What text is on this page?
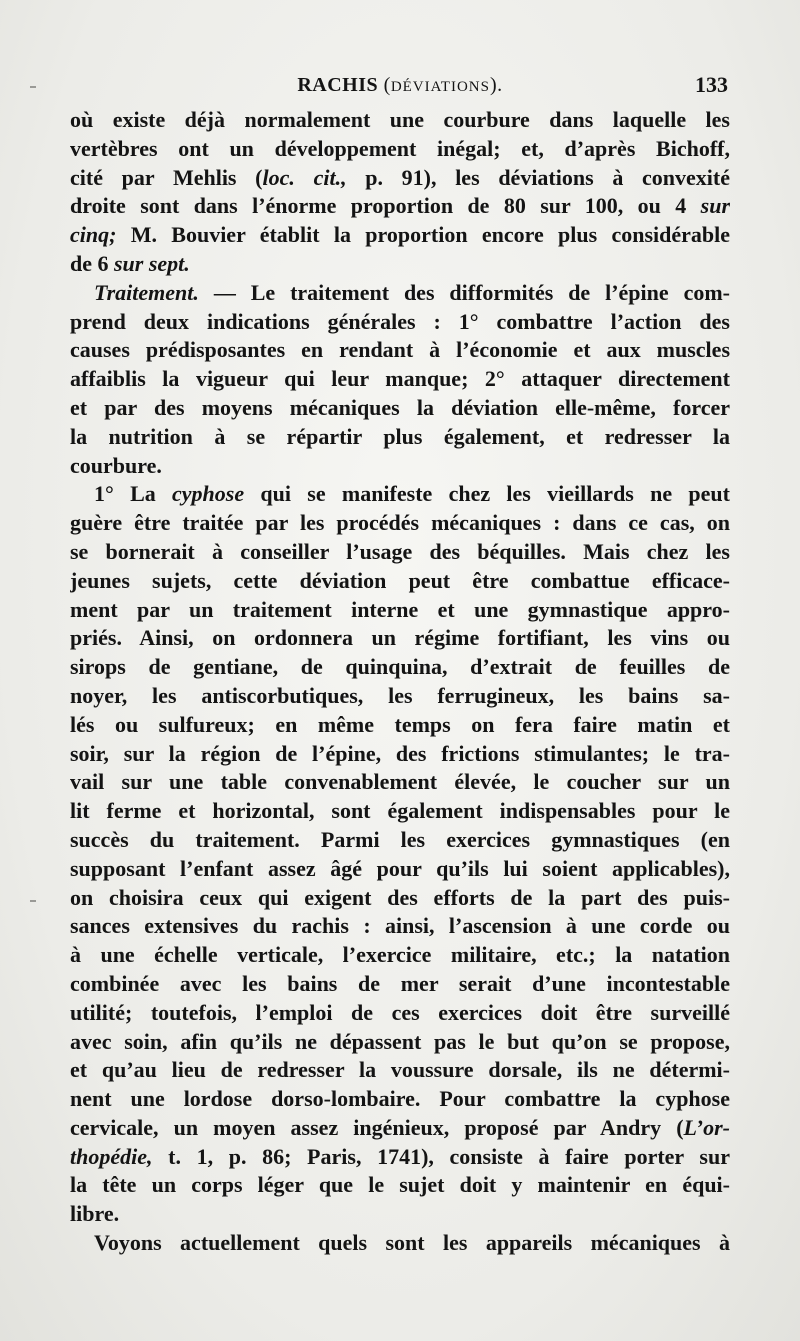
RACHIS (DÉVIATIONS).	133
où existe déjà normalement une courbure dans laquelle les
vertèbres ont un développement inégal; et, d’après Bichoff,
cité par Mehlis (loc. cit., p. 91), les déviations à convexité
droite sont dans l’énorme proportion de 80 sur 100, ou 4 sur
cinq; M. Bouvier établit la proportion encore plus considérable
de 6 sur sept.
Traitement. — Le traitement des difformités de l’épine com-
prend deux indications générales : 1° combattre l’action des
causes prédisposantes en rendant à l’économie et aux muscles
affaiblis la vigueur qui leur manque; 2° attaquer directement
et par des moyens mécaniques la déviation elle-même, forcer
la nutrition à se répartir plus également, et redresser la
courbure.
1° La cyphose qui se manifeste chez les vieillards ne peut
guère être traitée par les procédés mécaniques : dans ce cas, on
se bornerait à conseiller l’usage des béquilles. Mais chez les
jeunes sujets, cette déviation peut être combattue efficace-
ment par un traitement interne et une gymnastique appro-
priés. Ainsi, on ordonnera un régime fortifiant, les vins ou
sirops de gentiane, de quinquina, d’extrait de feuilles de
noyer, les antiscorbutiques, les ferrugineux, les bains sa-
lés ou sulfureux; en même temps on fera faire matin et
soir, sur la région de l’épine, des frictions stimulantes; le tra-
vail sur une table convenablement élevée, le coucher sur un
lit ferme et horizontal, sont également indispensables pour le
succès du traitement. Parmi les exercices gymnastiques (en
supposant l’enfant assez âgé pour qu’ils lui soient applicables),
on choisira ceux qui exigent des efforts de la part des puis-
sances extensives du rachis : ainsi, l’ascension à une corde ou
à une échelle verticale, l’exercice militaire, etc.; la natation
combinée avec les bains de mer serait d’une incontestable
utilité; toutefois, l’emploi de ces exercices doit être surveillé
avec soin, afin qu’ils ne dépassent pas le but qu’on se propose,
et qu’au lieu de redresser la voussure dorsale, ils ne détermi-
nent une lordose dorso-lombaire. Pour combattre la cyphose
cervicale, un moyen assez ingénieux, proposé par Andry (L’or-
thopédie, t. 1, p. 86; Paris, 1741), consiste à faire porter sur
la tête un corps léger que le sujet doit y maintenir en équi-
libre.
Voyons actuellement quels sont les appareils mécaniques à
